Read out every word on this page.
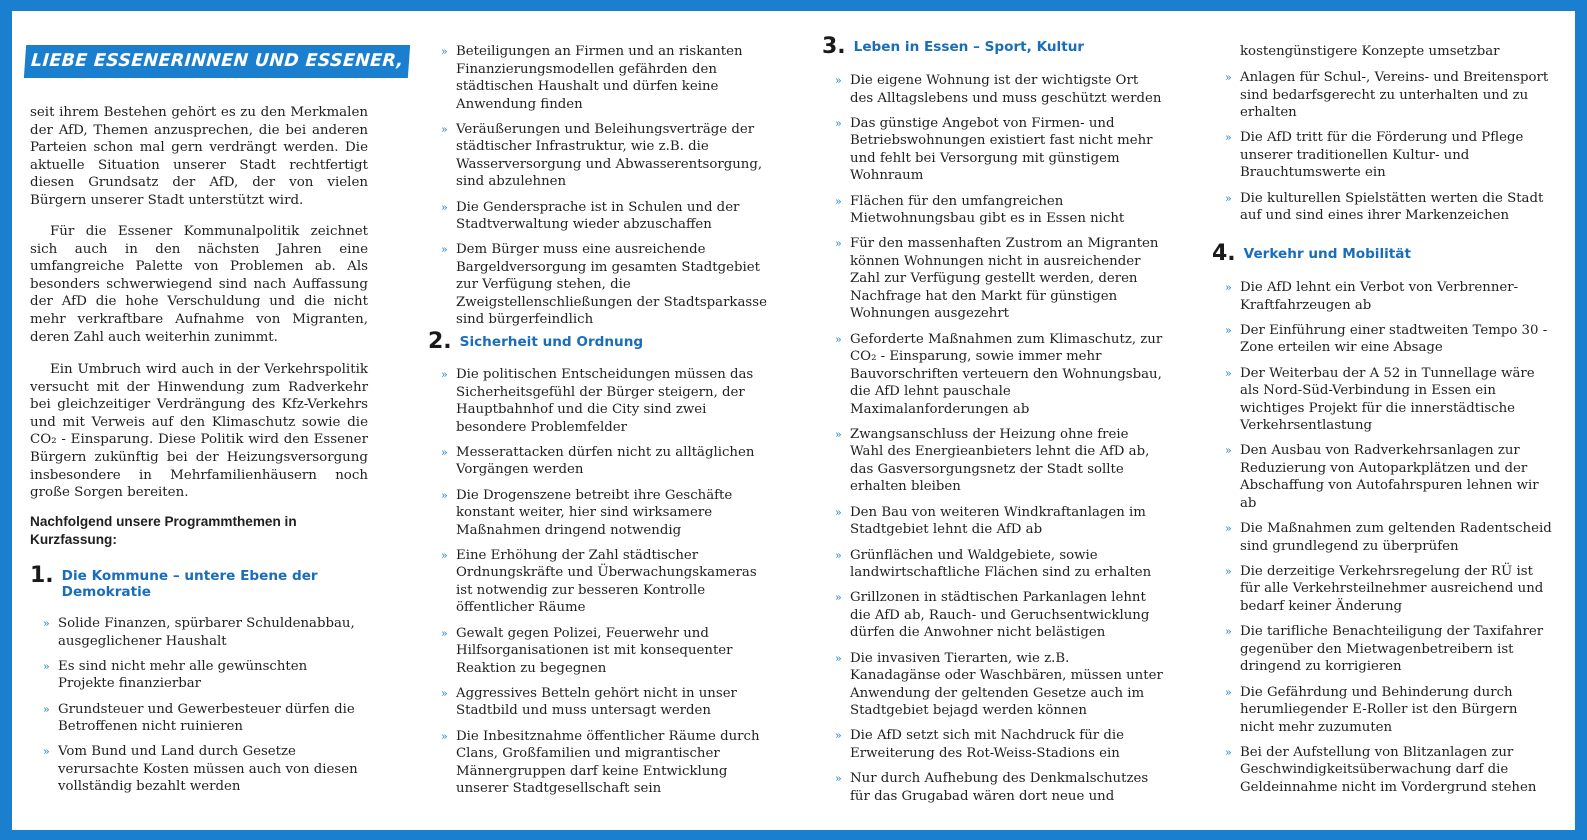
LIEBE ESSENERINNEN UND ESSENER,

seit ihrem Bestehen gehört es zu den Merkmalen der AfD, Themen anzusprechen, die bei anderen Parteien schon mal gern verdrängt werden. Die aktuelle Situation unserer Stadt rechtfertigt diesen Grundsatz der AfD, der von vielen Bürgern unserer Stadt unterstützt wird.

Für die Essener Kommunalpolitik zeichnet sich auch in den nächsten Jahren eine umfangreiche Palette von Problemen ab. Als besonders schwerwiegend sind nach Auffassung der AfD die hohe Verschuldung und die nicht mehr verkraftbare Aufnahme von Migranten, deren Zahl auch weiterhin zunimmt.

Ein Umbruch wird auch in der Verkehrspolitik versucht mit der Hinwendung zum Radverkehr bei gleichzeitiger Verdrängung des Kfz-Verkehrs und mit Verweis auf den Klimaschutz sowie die CO₂ - Einsparung. Diese Politik wird den Essener Bürgern zukünftig bei der Heizungsversorgung insbesondere in Mehrfamilienhäusern noch große Sorgen bereiten.

Nachfolgend unsere Programmthemen in Kurzfassung:

1. Die Kommune – untere Ebene der Demokratie
» Solide Finanzen, spürbarer Schuldenabbau, ausgeglichener Haushalt
» Es sind nicht mehr alle gewünschten Projekte finanzierbar
» Grundsteuer und Gewerbesteuer dürfen die Betroffenen nicht ruinieren
» Vom Bund und Land durch Gesetze verursachte Kosten müssen auch von diesen vollständig bezahlt werden
» Beteiligungen an Firmen und an riskanten Finanzierungsmodellen gefährden den städtischen Haushalt und dürfen keine Anwendung finden
» Veräußerungen und Beleihungsverträge der städtischer Infrastruktur, wie z.B. die Wasserversorgung und Abwasserentsorgung, sind abzulehnen
» Die Gendersprache ist in Schulen und der Stadtverwaltung wieder abzuschaffen
» Dem Bürger muss eine ausreichende Bargeldversorgung im gesamten Stadtgebiet zur Verfügung stehen, die Zweigstellenschließungen der Stadtsparkasse sind bürgerfeindlich
2. Sicherheit und Ordnung
» Die politischen Entscheidungen müssen das Sicherheitsgefühl der Bürger steigern, der Hauptbahnhof und die City sind zwei besondere Problemfelder
» Messerattacken dürfen nicht zu alltäglichen Vorgängen werden
» Die Drogenszene betreibt ihre Geschäfte konstant weiter, hier sind wirksamere Maßnahmen dringend notwendig
» Eine Erhöhung der Zahl städtischer Ordnungskräfte und Überwachungskameras ist notwendig zur besseren Kontrolle öffentlicher Räume
» Gewalt gegen Polizei, Feuerwehr und Hilfsorganisationen ist mit konsequenter Reaktion zu begegnen
» Aggressives Betteln gehört nicht in unser Stadtbild und muss untersagt werden
» Die Inbesitznahme öffentlicher Räume durch Clans, Großfamilien und migrantischer Männergruppen darf keine Entwicklung unserer Stadtgesellschaft sein
3. Leben in Essen – Sport, Kultur
» Die eigene Wohnung ist der wichtigste Ort des Alltagslebens und muss geschützt werden
» Das günstige Angebot von Firmen- und Betriebswohnungen existiert fast nicht mehr und fehlt bei Versorgung mit günstigem Wohnraum
» Flächen für den umfangreichen Mietwohnungsbau gibt es in Essen nicht
» Für den massenhaften Zustrom an Migranten können Wohnungen nicht in ausreichender Zahl zur Verfügung gestellt werden, deren Nachfrage hat den Markt für günstigen Wohnungen ausgezehrt
» Geforderte Maßnahmen zum Klimaschutz, zur CO₂ - Einsparung, sowie immer mehr Bauvorschriften verteuern den Wohnungsbau, die AfD lehnt pauschale Maximalanforderungen ab
» Zwangsanschluss der Heizung ohne freie Wahl des Energieanbieters lehnt die AfD ab, das Gasversorgungsnetz der Stadt sollte erhalten bleiben
» Den Bau von weiteren Windkraftanlagen im Stadtgebiet lehnt die AfD ab
» Grünflächen und Waldgebiete, sowie landwirtschaftliche Flächen sind zu erhalten
» Grillzonen in städtischen Parkanlagen lehnt die AfD ab, Rauch- und Geruchsentwicklung dürfen die Anwohner nicht belästigen
» Die invasiven Tierarten, wie z.B. Kanadagänse oder Waschbären, müssen unter Anwendung der geltenden Gesetze auch im Stadtgebiet bejagd werden können
» Die AfD setzt sich mit Nachdruck für die Erweiterung des Rot-Weiss-Stadions ein
» Nur durch Aufhebung des Denkmalschutzes für das Grugabad wären dort neue und

kostengünstigere Konzepte umsetzbar

» Anlagen für Schul-, Vereins- und Breitensport sind bedarfsgerecht zu unterhalten und zu erhalten
» Die AfD tritt für die Förderung und Pflege unserer traditionellen Kultur- und Brauchtumswerte ein
» Die kulturellen Spielstätten werten die Stadt auf und sind eines ihrer Markenzeichen
4. Verkehr und Mobilität
» Die AfD lehnt ein Verbot von Verbrenner-Kraftfahrzeugen ab
» Der Einführung einer stadtweiten Tempo 30 - Zone erteilen wir eine Absage
» Der Weiterbau der A 52 in Tunnellage wäre als Nord-Süd-Verbindung in Essen ein wichtiges Projekt für die innerstädtische Verkehrsentlastung
» Den Ausbau von Radverkehrsanlagen zur Reduzierung von Autoparkplätzen und der Abschaffung von Autofahrspuren lehnen wir ab
» Die Maßnahmen zum geltenden Radentscheid sind grundlegend zu überprüfen
» Die derzeitige Verkehrsregelung der RÜ ist für alle Verkehrsteilnehmer ausreichend und bedarf keiner Änderung
» Die tarifliche Benachteiligung der Taxifahrer gegenüber den Mietwagenbetreibern ist dringend zu korrigieren
» Die Gefährdung und Behinderung durch herumliegender E-Roller ist den Bürgern nicht mehr zuzumuten
» Bei der Aufstellung von Blitzanlagen zur Geschwindigkeitsüberwachung darf die Geldeinnahme nicht im Vordergrund stehen
